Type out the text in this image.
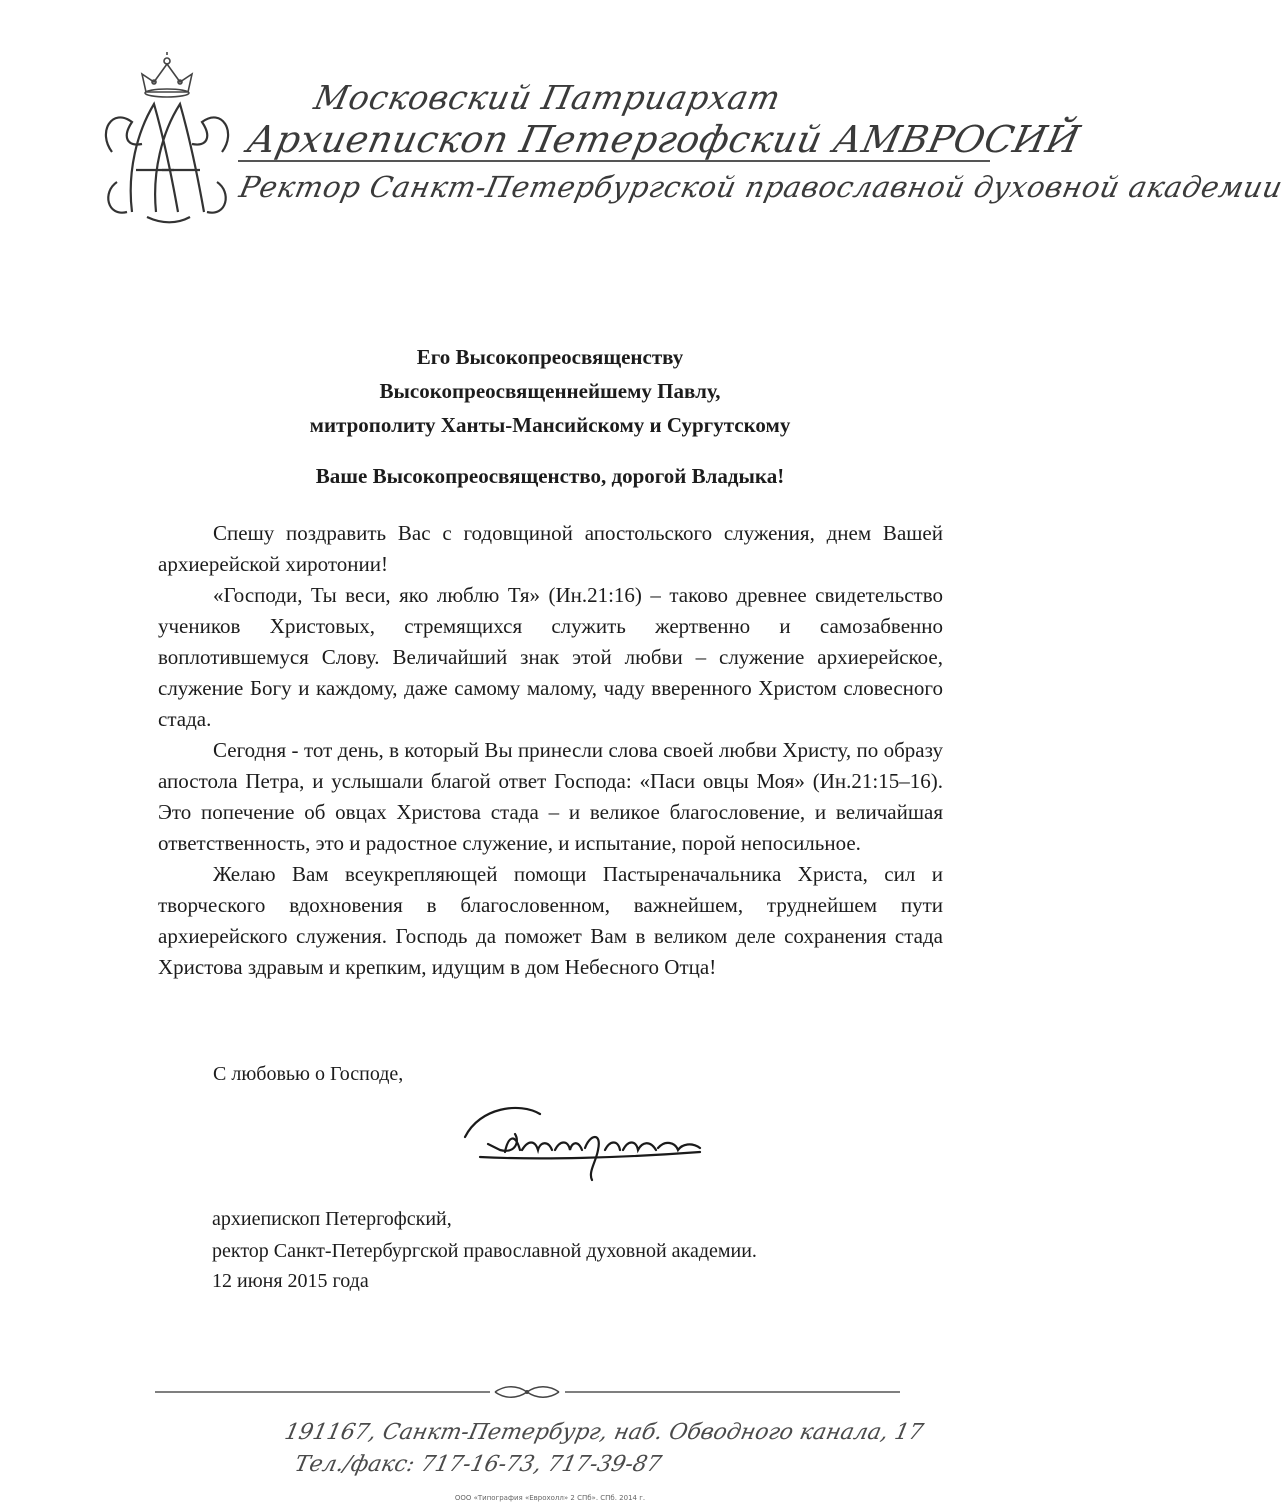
Московский Патриархат
Архиепископ Петергофский АМВРОСИЙ
Ректор Санкт-Петербургской православной духовной академии
Его Высокопреосвященству
Высокопреосвященнейшему Павлу,
митрополиту Ханты-Мансийскому и Сургутскому
Ваше Высокопреосвященство, дорогой Владыка!

Спешу поздравить Вас с годовщиной апостольского служения, днем Вашей архиерейской хиротонии!

«Господи, Ты веси, яко люблю Тя» (Ин.21:16) – таково древнее свидетельство учеников Христовых, стремящихся служить жертвенно и самозабвенно воплотившемуся Слову. Величайший знак этой любви – служение архиерейское, служение Богу и каждому, даже самому малому, чаду вверенного Христом словесного стада.

Сегодня - тот день, в который Вы принесли слова своей любви Христу, по образу апостола Петра, и услышали благой ответ Господа: «Паси овцы Моя» (Ин.21:15–16). Это попечение об овцах Христова стада – и великое благословение, и величайшая ответственность, это и радостное служение, и испытание, порой непосильное.

Желаю Вам всеукрепляющей помощи Пастыреначальника Христа, сил и творческого вдохновения в благословенном, важнейшем, труднейшем пути архиерейского служения. Господь да поможет Вам в великом деле сохранения стада Христова здравым и крепким, идущим в дом Небесного Отца!

С любовью о Господе,
архиепископ Петергофский,
ректор Санкт-Петербургской православной духовной академии.
12 июня 2015 года
191167, Санкт-Петербург, наб. Обводного канала, 17
Тел./факс: 717-16-73, 717-39-87
ООО «Типография «Еврохолл» 2 СПб». СПб. 2014 г.
